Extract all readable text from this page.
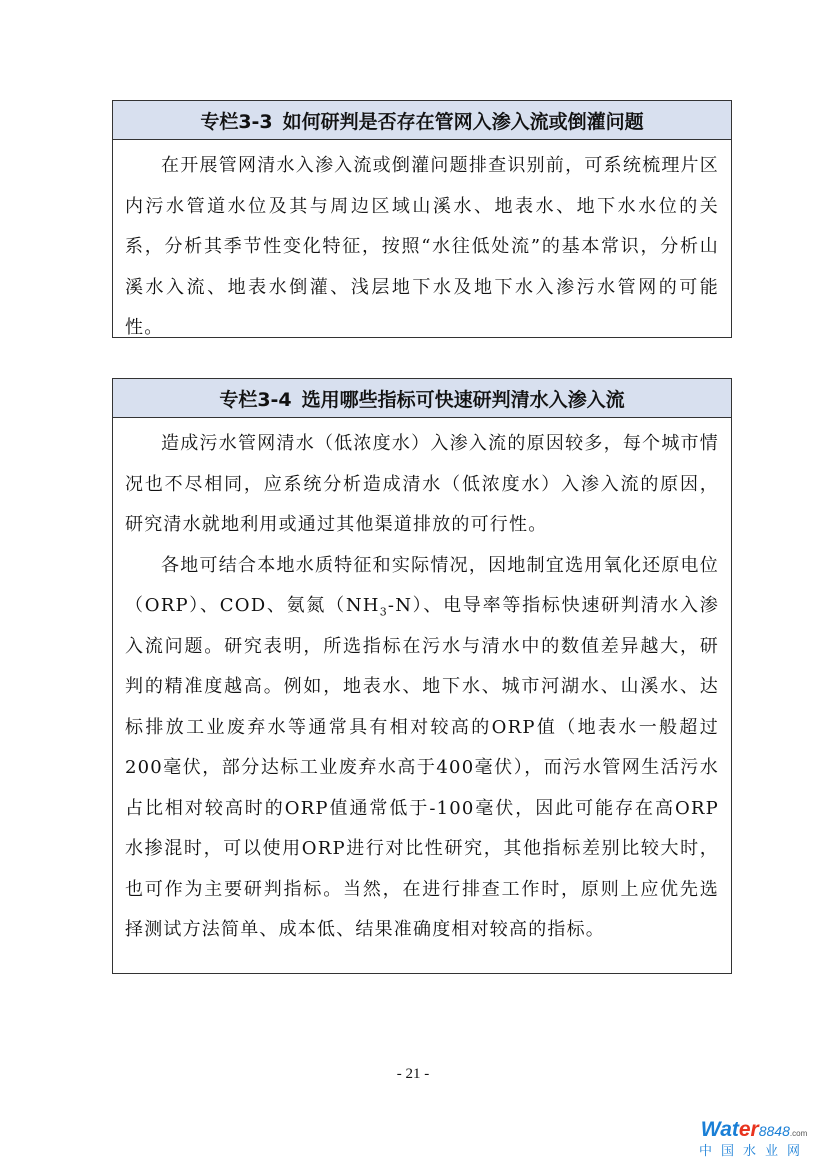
专栏3-3 如何研判是否存在管网入渗入流或倒灌问题

在开展管网清水入渗入流或倒灌问题排查识别前，可系统梳理片区内污水管道水位及其与周边区域山溪水、地表水、地下水水位的关系，分析其季节性变化特征，按照“水往低处流”的基本常识，分析山溪水入流、地表水倒灌、浅层地下水及地下水入渗污水管网的可能性。

专栏3-4 选用哪些指标可快速研判清水入渗入流

造成污水管网清水（低浓度水）入渗入流的原因较多，每个城市情况也不尽相同，应系统分析造成清水（低浓度水）入渗入流的原因，研究清水就地利用或通过其他渠道排放的可行性。

各地可结合本地水质特征和实际情况，因地制宜选用氧化还原电位（ORP）、COD、氨氮$(NH_3-N)$、电导率等指标快速研判清水入渗入流问题。研究表明，所选指标在污水与清水中的数值差异越大，研判的精准度越高。例如，地表水、地下水、城市河湖水、山溪水、达标排放工业废弃水等通常具有相对较高的ORP值（地表水一般超过200毫伏，部分达标工业废弃水高于400毫伏），而污水管网生活污水占比相对较高时的ORP值通常低于-100毫伏，因此可能存在高ORP水掺混时，可以使用ORP进行对比性研究，其他指标差别比较大时，也可作为主要研判指标。当然，在进行排查工作时，原则上应优先选择测试方法简单、成本低、结果准确度相对较高的指标。

- 21 -
Water8848.com
中国水业网
